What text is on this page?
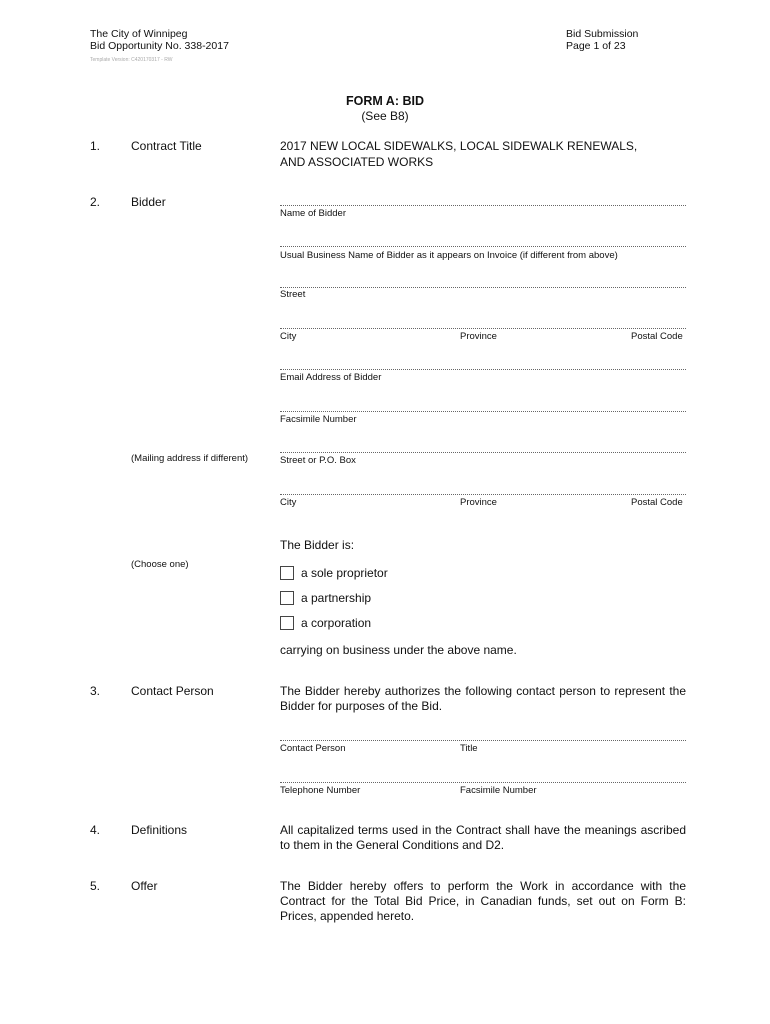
The City of Winnipeg
Bid Opportunity No. 338-2017
Template Version: C420170317 - RW
Bid Submission
Page 1 of 23
FORM A: BID
(See B8)
1.	Contract Title	2017 NEW LOCAL SIDEWALKS, LOCAL SIDEWALK RENEWALS,
AND ASSOCIATED WORKS
2.	Bidder
Name of Bidder
Usual Business Name of Bidder as it appears on Invoice (if different from above)
Street
City	Province	Postal Code
Email Address of Bidder
Facsimile Number
(Mailing address if different)	Street or P.O. Box
City	Province	Postal Code
The Bidder is:
(Choose one)
a sole proprietor
a partnership
a corporation
carrying on business under the above name.
3.	Contact Person	The Bidder hereby authorizes the following contact person to represent the Bidder for purposes of the Bid.
Contact Person	Title
Telephone Number	Facsimile Number
4.	Definitions	All capitalized terms used in the Contract shall have the meanings ascribed to them in the General Conditions and D2.
5.	Offer	The Bidder hereby offers to perform the Work in accordance with the Contract for the Total Bid Price, in Canadian funds, set out on Form B: Prices, appended hereto.
